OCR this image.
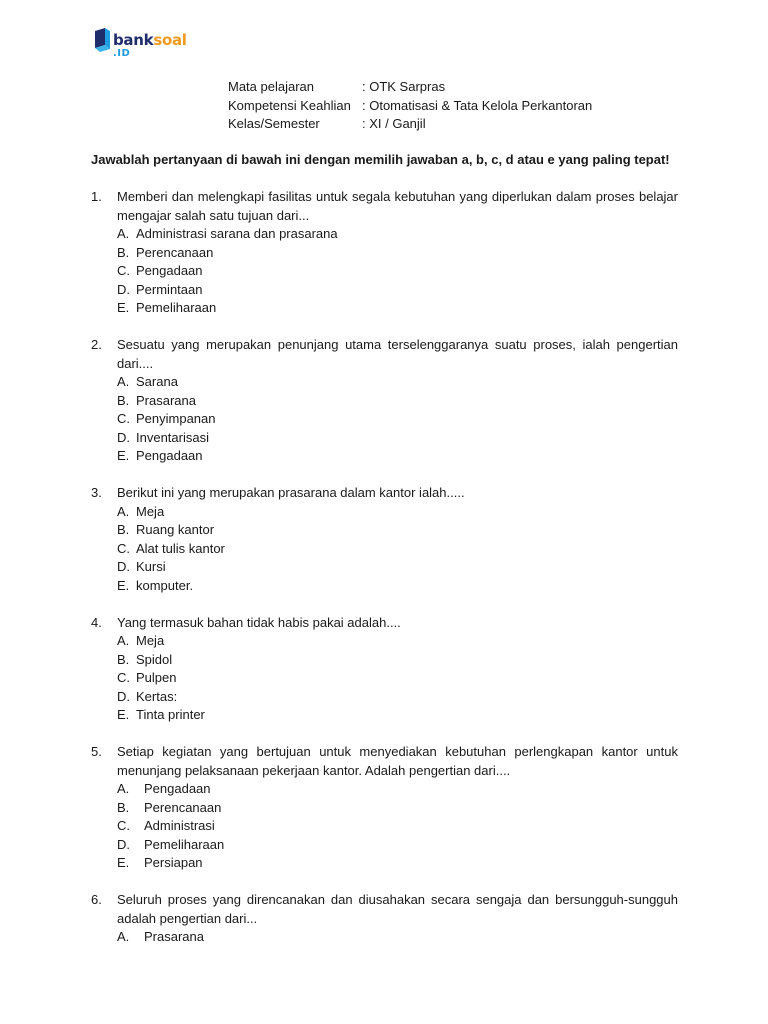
banksoal
.ID
Mata pelajaran	: OTK Sarpras
Kompetensi Keahlian : Otomatisasi & Tata Kelola Perkantoran
Kelas/Semester	: XI / Ganjil
Jawablah pertanyaan di bawah ini dengan memilih jawaban a, b, c, d atau e yang paling tepat!
1.	Memberi dan melengkapi fasilitas untuk segala kebutuhan yang diperlukan dalam proses belajar mengajar salah satu tujuan dari...
A. Administrasi sarana dan prasarana
B. Perencanaan
C. Pengadaan
D. Permintaan
E. Pemeliharaan
2.	Sesuatu yang merupakan penunjang utama terselenggaranya suatu proses, ialah pengertian dari....
A. Sarana
B. Prasarana
C. Penyimpanan
D. Inventarisasi
E. Pengadaan
3.	Berikut ini yang merupakan prasarana dalam kantor ialah.....
A. Meja
B. Ruang kantor
C. Alat tulis kantor
D. Kursi
E. komputer.
4.	Yang termasuk bahan tidak habis pakai adalah....
A. Meja
B. Spidol
C. Pulpen
D. Kertas:
E. Tinta printer
5.	Setiap kegiatan yang bertujuan untuk menyediakan kebutuhan perlengkapan kantor untuk menunjang pelaksanaan pekerjaan kantor. Adalah pengertian dari....
A.	Pengadaan
B.	Perencanaan
C.	Administrasi
D.	Pemeliharaan
E.	Persiapan
6.	Seluruh proses yang direncanakan dan diusahakan secara sengaja dan bersungguh-sungguh adalah pengertian dari...
A.	Prasarana
